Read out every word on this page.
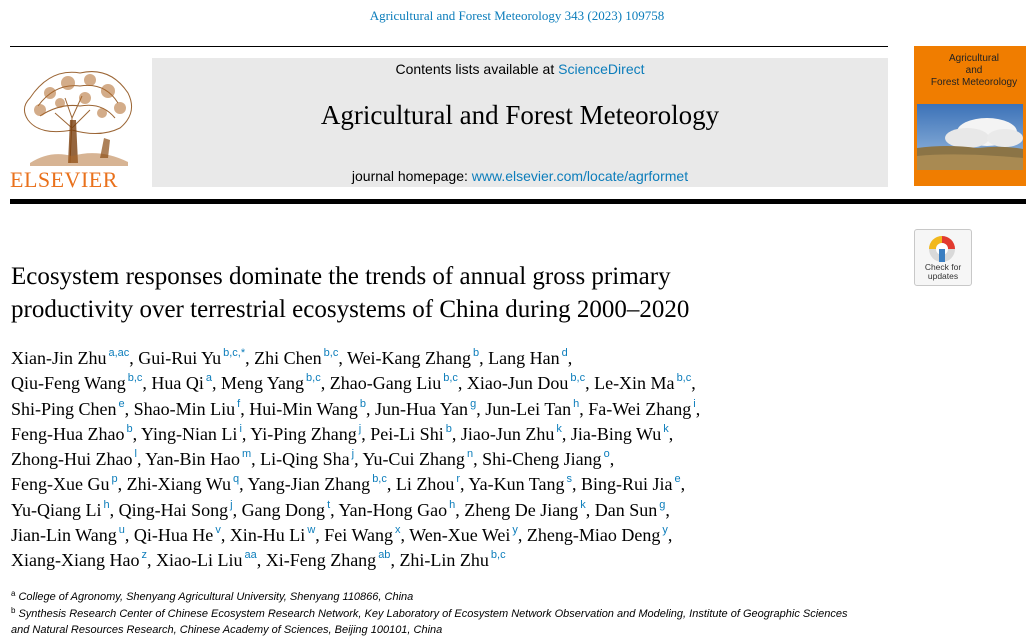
Agricultural and Forest Meteorology 343 (2023) 109758
ELSEVIER
Contents lists available at ScienceDirect
Agricultural and Forest Meteorology
journal homepage: www.elsevier.com/locate/agrformet
Agricultural
and
Forest Meteorology
Check for
updates
Ecosystem responses dominate the trends of annual gross primary
productivity over terrestrial ecosystems of China during 2000–2020
Xian-Jin Zhu $^{a,ac}$, Gui-Rui Yu $^{b,c,*}$, Zhi Chen $^{b,c}$, Wei-Kang Zhang $^b$, Lang Han $^d$,
Qiu-Feng Wang $^{b,c}$, Hua Qi $^a$, Meng Yang $^{b,c}$, Zhao-Gang Liu $^{b,c}$, Xiao-Jun Dou $^{b,c}$, Le-Xin Ma $^{b,c}$,
Shi-Ping Chen $^e$, Shao-Min Liu $^f$, Hui-Min Wang $^b$, Jun-Hua Yan $^g$, Jun-Lei Tan $^h$, Fa-Wei Zhang $^i$,
Feng-Hua Zhao $^b$, Ying-Nian Li $^i$, Yi-Ping Zhang $^j$, Pei-Li Shi $^b$, Jiao-Jun Zhu $^k$, Jia-Bing Wu $^k$,
Zhong-Hui Zhao $^l$, Yan-Bin Hao $^m$, Li-Qing Sha $^j$, Yu-Cui Zhang $^n$, Shi-Cheng Jiang $^o$,
Feng-Xue Gu $^p$, Zhi-Xiang Wu $^q$, Yang-Jian Zhang $^{b,c}$, Li Zhou $^r$, Ya-Kun Tang $^s$, Bing-Rui Jia $^e$,
Yu-Qiang Li $^h$, Qing-Hai Song $^j$, Gang Dong $^t$, Yan-Hong Gao $^h$, Zheng De Jiang $^k$, Dan Sun $^g$,
Jian-Lin Wang $^u$, Qi-Hua He $^v$, Xin-Hu Li $^w$, Fei Wang $^x$, Wen-Xue Wei $^y$, Zheng-Miao Deng $^y$,
Xiang-Xiang Hao $^z$, Xiao-Li Liu $^{aa}$, Xi-Feng Zhang $^{ab}$, Zhi-Lin Zhu $^{b,c}$
$^a$ College of Agronomy, Shenyang Agricultural University, Shenyang 110866, China
$^b$ Synthesis Research Center of Chinese Ecosystem Research Network, Key Laboratory of Ecosystem Network Observation and Modeling, Institute of Geographic Sciences
and Natural Resources Research, Chinese Academy of Sciences, Beijing 100101, China
